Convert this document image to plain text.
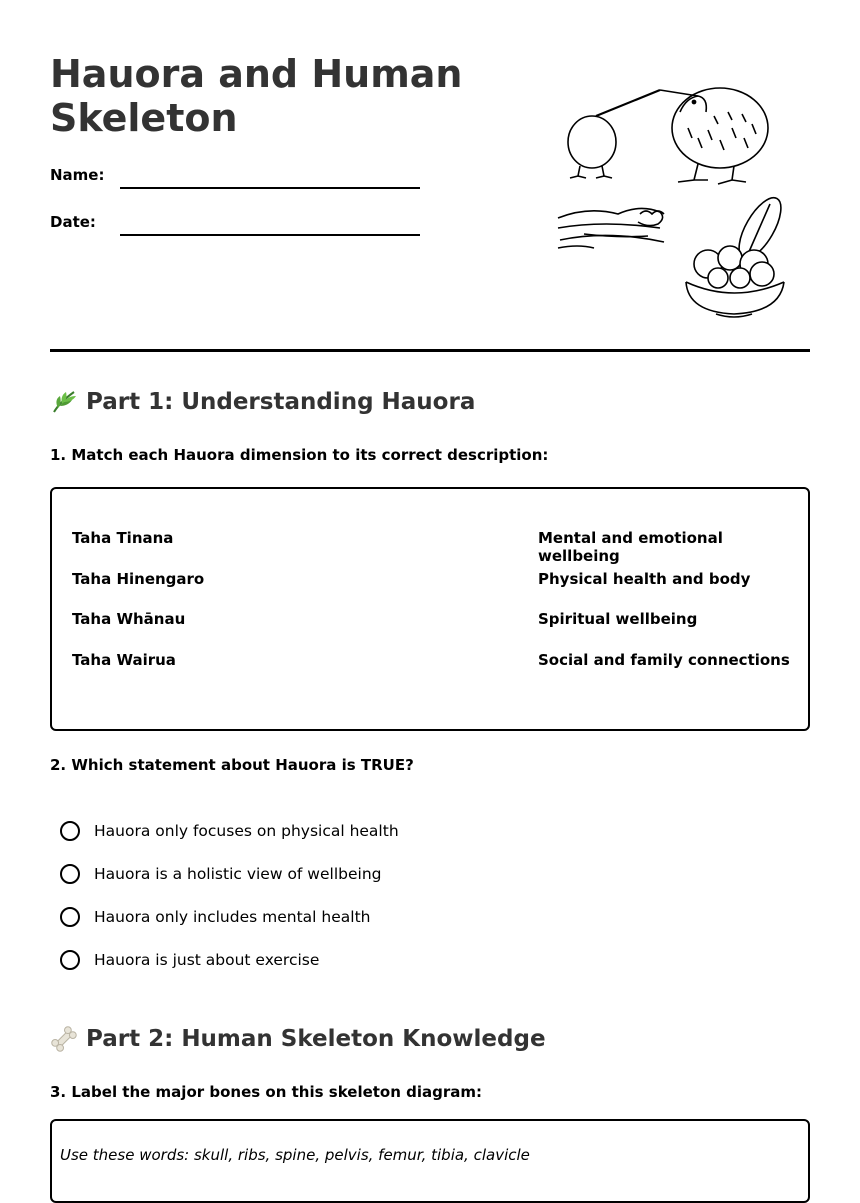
Hauora and Human Skeleton
Name:
Date:
Part 1: Understanding Hauora
1. Match each Hauora dimension to its correct description:
Taha Tinana
Taha Hinengaro
Taha Whānau
Taha Wairua
Mental and emotional wellbeing
Physical health and body
Spiritual wellbeing
Social and family connections
2. Which statement about Hauora is TRUE?
Hauora only focuses on physical health
Hauora is a holistic view of wellbeing
Hauora only includes mental health
Hauora is just about exercise
Part 2: Human Skeleton Knowledge
3. Label the major bones on this skeleton diagram:
Use these words: skull, ribs, spine, pelvis, femur, tibia, clavicle
